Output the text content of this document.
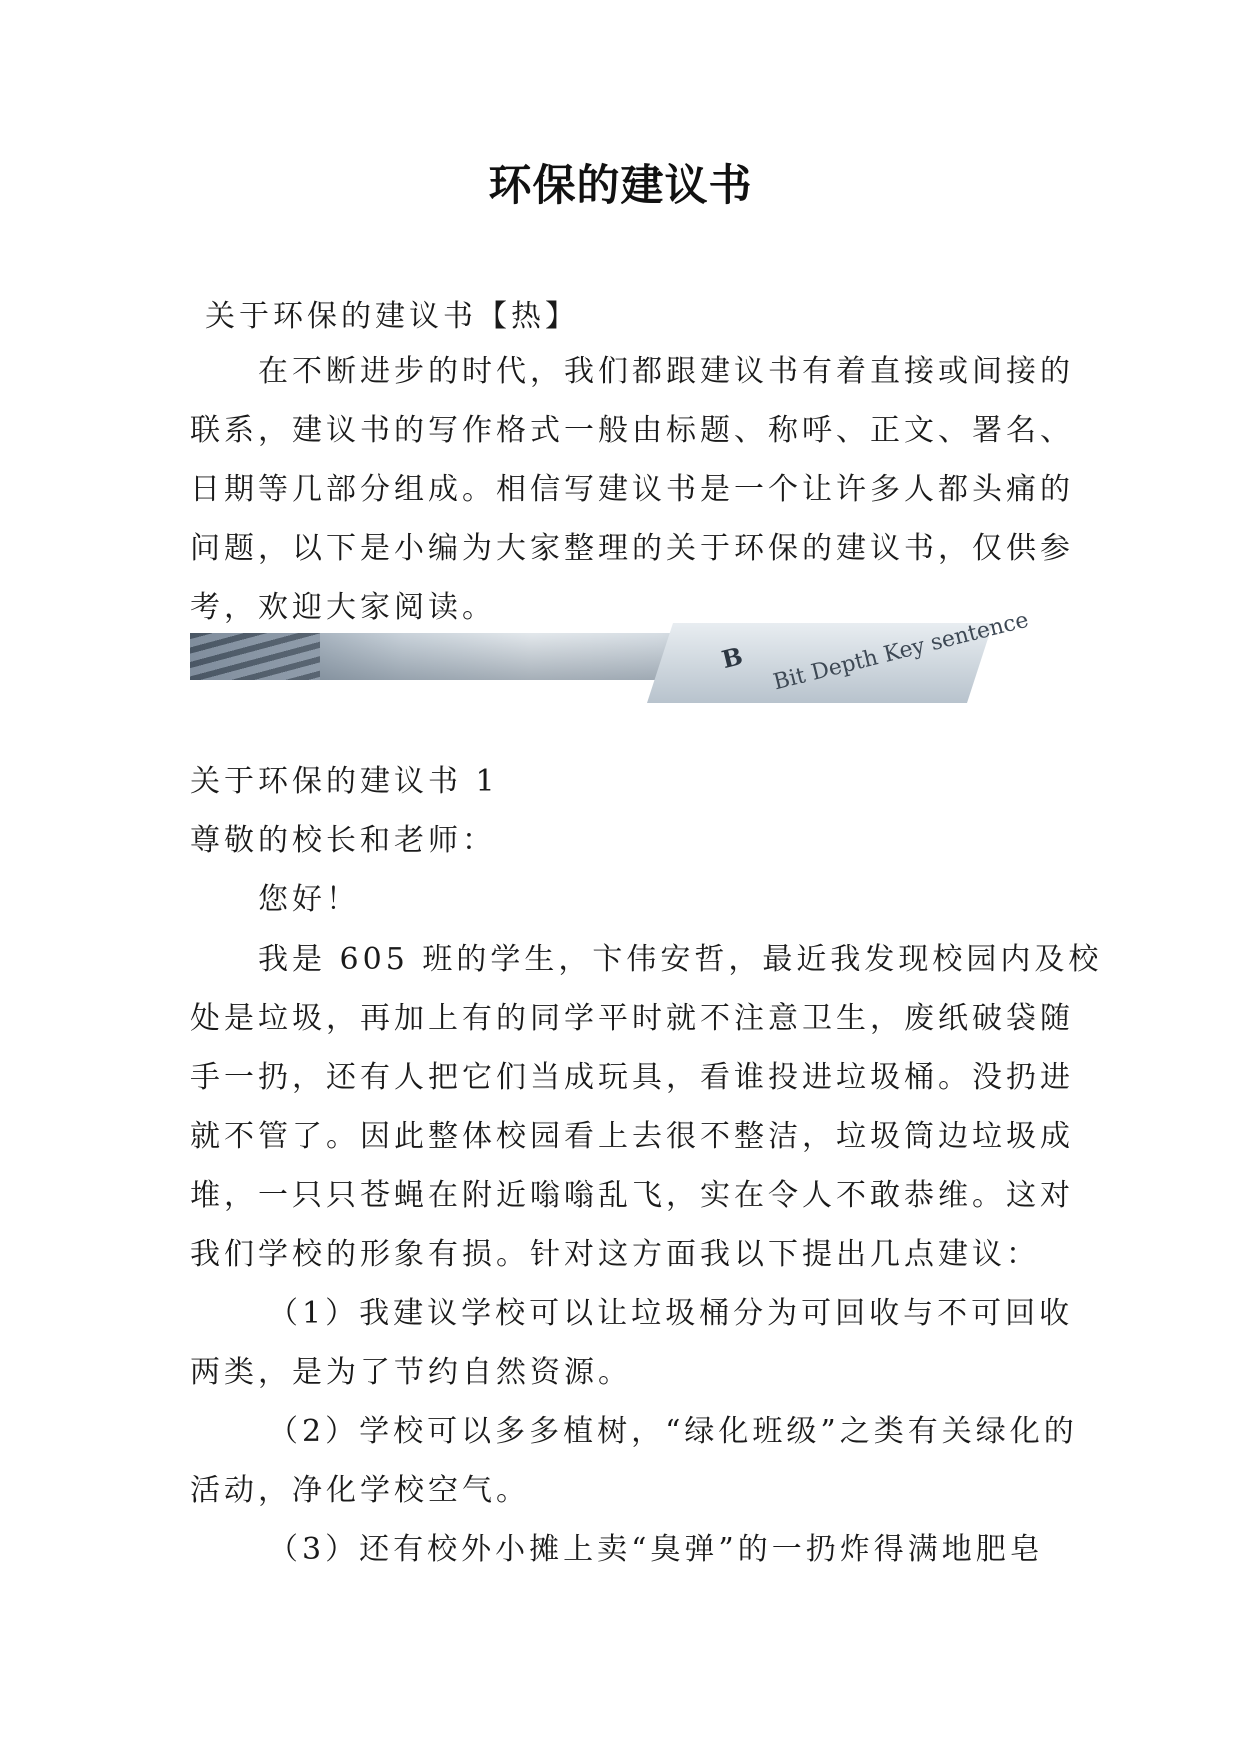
环保的建议书
关于环保的建议书【热】
在不断进步的时代，我们都跟建议书有着直接或间接的
联系，建议书的写作格式一般由标题、称呼、正文、署名、
日期等几部分组成。相信写建议书是一个让许多人都头痛的
问题，以下是小编为大家整理的关于环保的建议书，仅供参
考，欢迎大家阅读。
B Bit Depth Key sentence
关于环保的建议书 1
尊敬的校长和老师：
您好！
我是 605 班的学生，卞伟安哲，最近我发现校园内及校
处是垃圾，再加上有的同学平时就不注意卫生，废纸破袋随
手一扔，还有人把它们当成玩具，看谁投进垃圾桶。没扔进
就不管了。因此整体校园看上去很不整洁，垃圾筒边垃圾成
堆，一只只苍蝇在附近嗡嗡乱飞，实在令人不敢恭维。这对
我们学校的形象有损。针对这方面我以下提出几点建议：
（1）我建议学校可以让垃圾桶分为可回收与不可回收
两类，是为了节约自然资源。
（2）学校可以多多植树，“绿化班级”之类有关绿化的
活动，净化学校空气。
（3）还有校外小摊上卖“臭弹”的一扔炸得满地肥皂
